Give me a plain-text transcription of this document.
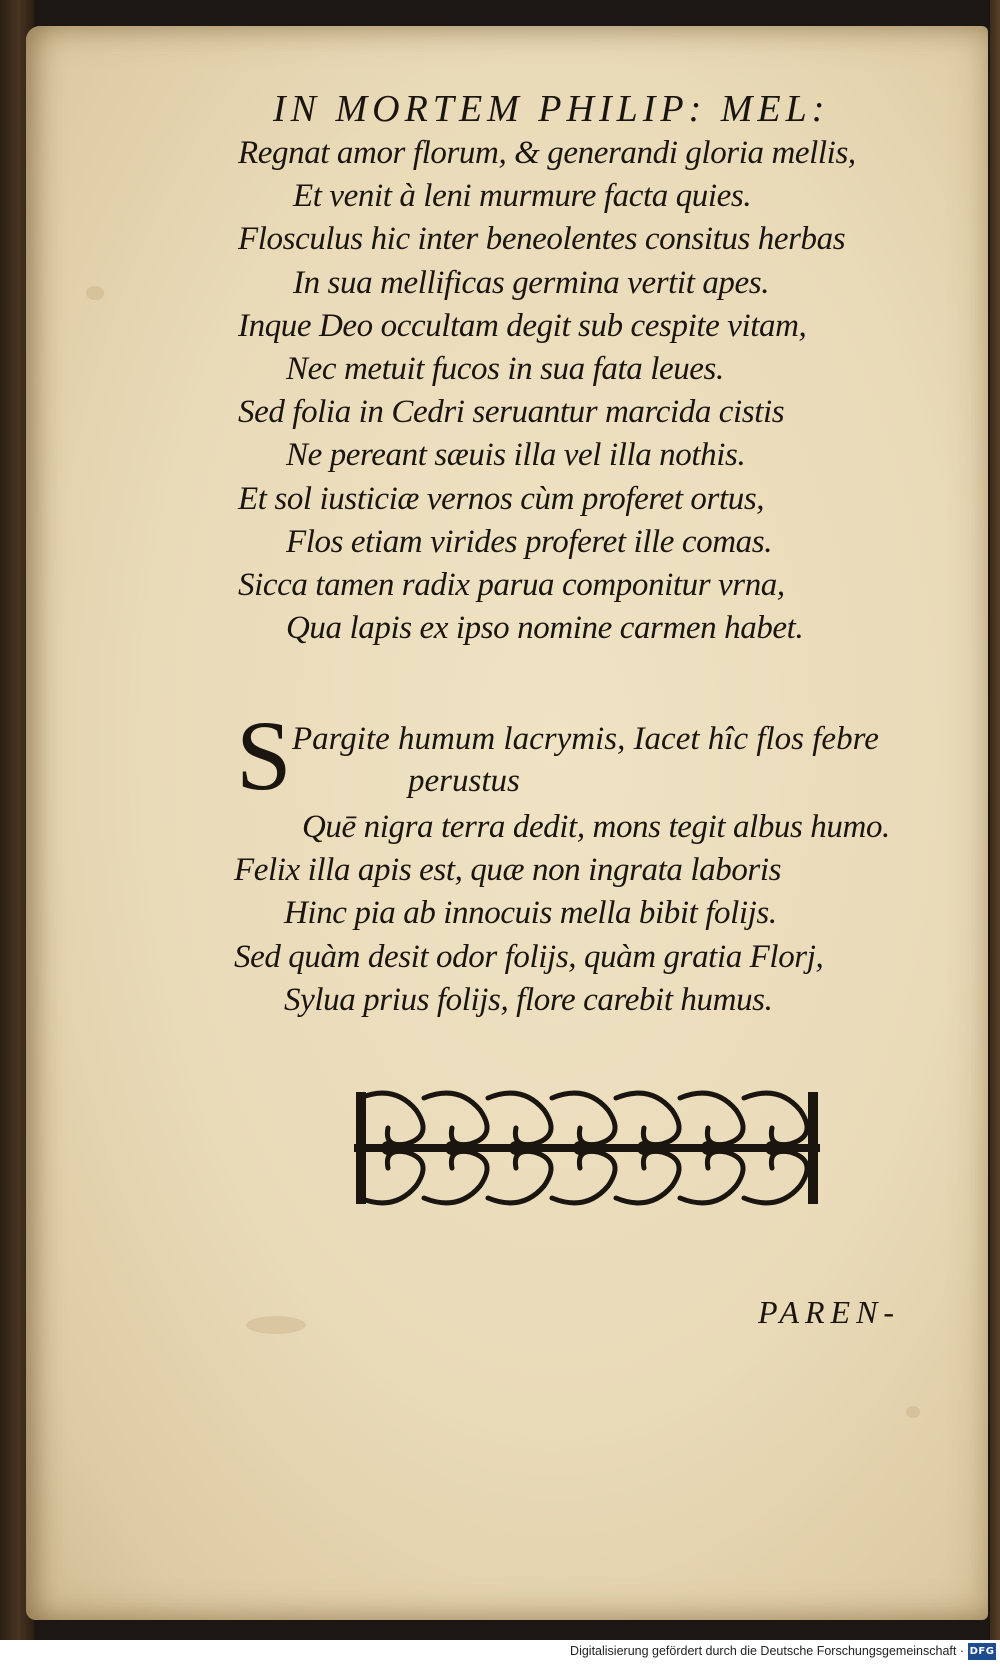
IN MORTEM PHILIP: MEL:
Regnat amor florum, & generandi gloria mellis,
Et venit à leni murmure facta quies.
Flosculus hic inter beneolentes consitus herbas
In sua mellificas germina vertit apes.
Inque Deo occultam degit sub cespite vitam,
Nec metuit fucos in sua fata leues.
Sed folia in Cedri seruantur marcida cistis
Ne pereant sæuis illa vel illa nothis.
Et sol iusticiæ vernos cùm proferet ortus,
Flos etiam virides proferet ille comas.
Sicca tamen radix parua componitur vrna,
Qua lapis ex ipso nomine carmen habet.
S Pargite humum lacrymis, Iacet hîc flos febre
perustus
Quē nigra terra dedit, mons tegit albus humo.
Felix illa apis est, quæ non ingrata laboris
Hinc pia ab innocuis mella bibit folijs.
Sed quàm desit odor folijs, quàm gratia Florj,
Sylua prius folijs, flore carebit humus.
PAREN-
Digitalisierung gefördert durch die Deutsche Forschungsgemeinschaft · DFG
